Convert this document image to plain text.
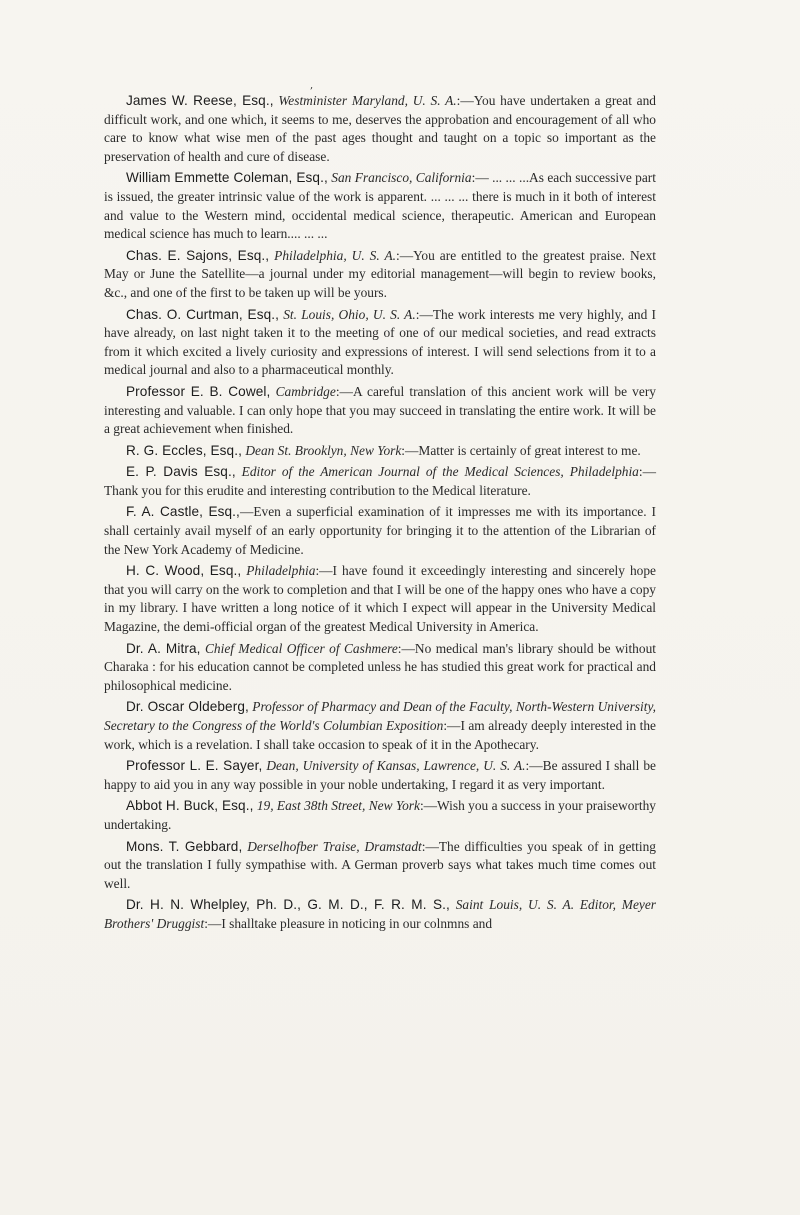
,

James W. Reese, Esq., Westminister Maryland, U. S. A.:—You have undertaken a great and difficult work, and one which, it seems to me, deserves the approbation and encouragement of all who care to know what wise men of the past ages thought and taught on a topic so important as the preservation of health and cure of disease.

William Emmette Coleman, Esq., San Francisco, California:— ... ... ...As each successive part is issued, the greater intrinsic value of the work is apparent. ... ... ... there is much in it both of interest and value to the Western mind, occidental medical science, therapeutic. American and European medical science has much to learn.... ... ...

Chas. E. Sajons, Esq., Philadelphia, U. S. A.:—You are entitled to the greatest praise. Next May or June the Satellite—a journal under my editorial management—will begin to review books, &c., and one of the first to be taken up will be yours.

Chas. O. Curtman, Esq., St. Louis, Ohio, U. S. A.:—The work interests me very highly, and I have already, on last night taken it to the meeting of one of our medical societies, and read extracts from it which excited a lively curiosity and expressions of interest. I will send selections from it to a medical journal and also to a pharmaceutical monthly.

Professor E. B. Cowel, Cambridge:—A careful translation of this ancient work will be very interesting and valuable. I can only hope that you may succeed in translating the entire work. It will be a great achievement when finished.

R. G. Eccles, Esq., Dean St. Brooklyn, New York:—Matter is certainly of great interest to me.

E. P. Davis Esq., Editor of the American Journal of the Medical Sciences, Philadelphia:—Thank you for this erudite and interesting contribution to the Medical literature.

F. A. Castle, Esq.,—Even a superficial examination of it impresses me with its importance. I shall certainly avail myself of an early opportunity for bringing it to the attention of the Librarian of the New York Academy of Medicine.

H. C. Wood, Esq., Philadelphia:—I have found it exceedingly interesting and sincerely hope that you will carry on the work to completion and that I will be one of the happy ones who have a copy in my library. I have written a long notice of it which I expect will appear in the University Medical Magazine, the demi-official organ of the greatest Medical University in America.

Dr. A. Mitra, Chief Medical Officer of Cashmere:—No medical man's library should be without Charaka : for his education cannot be completed unless he has studied this great work for practical and philosophical medicine.

Dr. Oscar Oldeberg, Professor of Pharmacy and Dean of the Faculty, North-Western University, Secretary to the Congress of the World's Columbian Exposition:—I am already deeply interested in the work, which is a revelation. I shall take occasion to speak of it in the Apothecary.

Professor L. E. Sayer, Dean, University of Kansas, Lawrence, U. S. A.:—Be assured I shall be happy to aid you in any way possible in your noble undertaking, I regard it as very important.

Abbot H. Buck, Esq., 19, East 38th Street, New York:—Wish you a success in your praiseworthy undertaking.

Mons. T. Gebbard, Derselhofber Traise, Dramstadt:—The difficulties you speak of in getting out the translation I fully sympathise with. A German proverb says what takes much time comes out well.

Dr. H. N. Whelpley, Ph. D., G. M. D., F. R. M. S., Saint Louis, U. S. A. Editor, Meyer Brothers' Druggist:—I shalltake pleasure in noticing in our colnmns and
